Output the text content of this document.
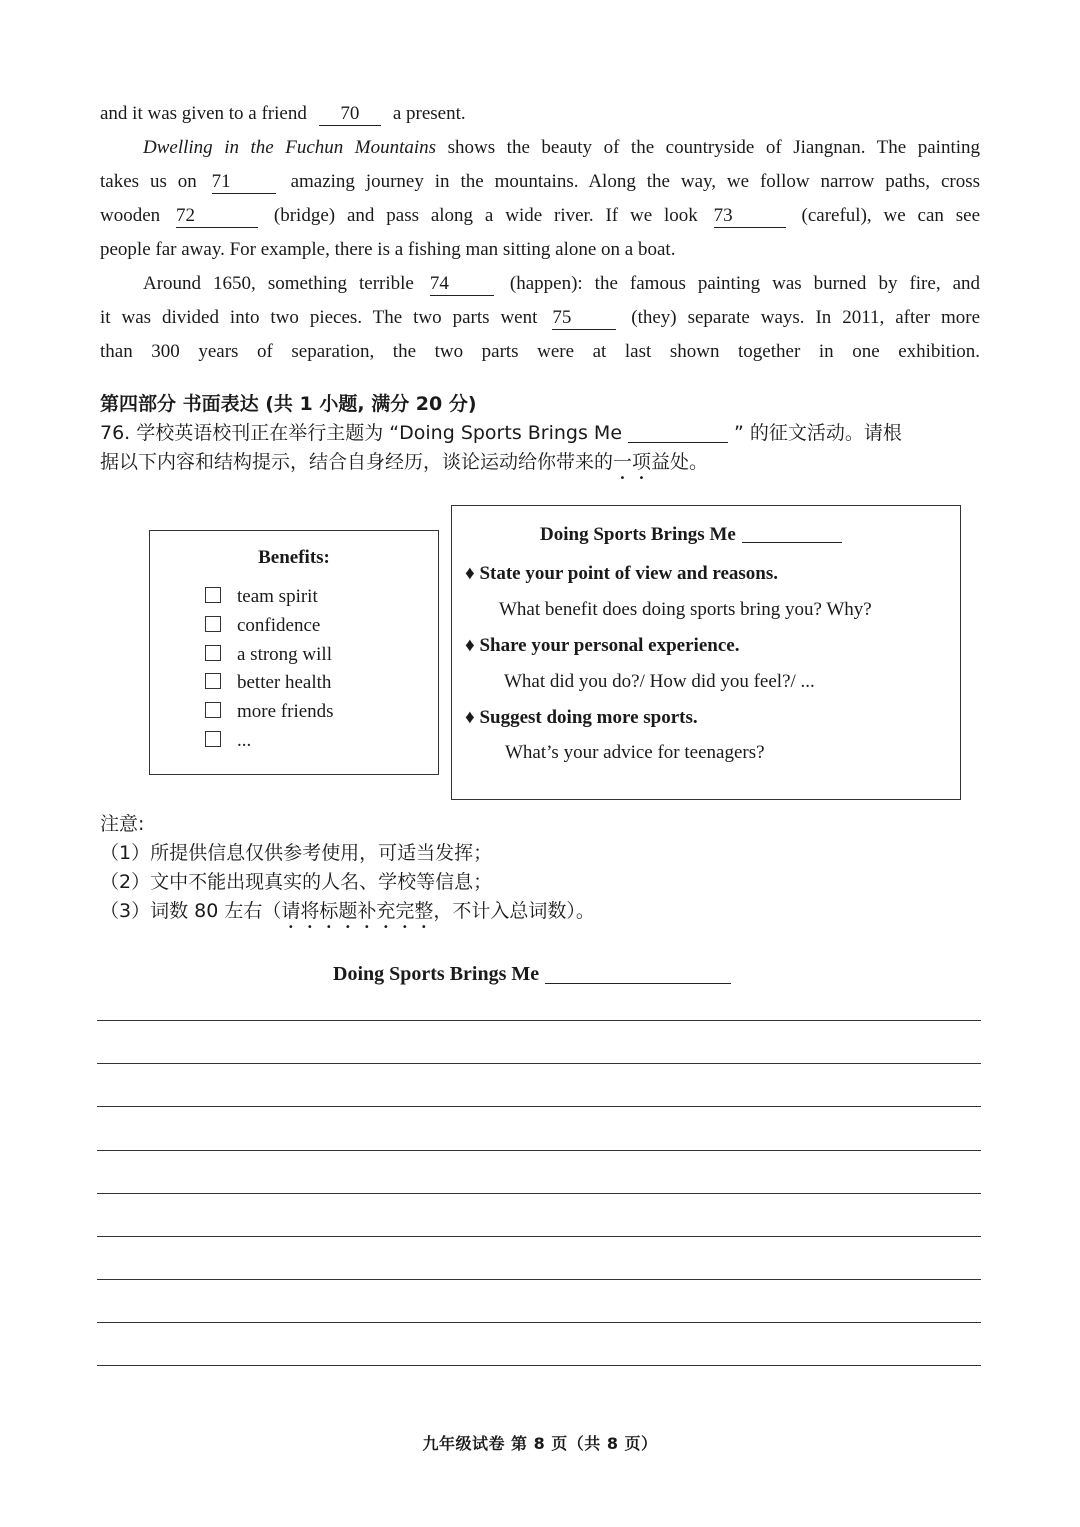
and it was given to a friend 70 a present.
Dwelling in the Fuchun Mountains shows the beauty of the countryside of Jiangnan. The painting
takes us on 71	amazing journey in the mountains. Along the way, we follow narrow paths, cross
wooden 72	(bridge) and pass along a wide river. If we look 73	(careful), we can see
people far away. For example, there is a fishing man sitting alone on a boat.
Around 1650, something terrible 74	(happen): the famous painting was burned by fire, and
it was divided into two pieces. The two parts went 75	(they) separate ways. In 2011, after more
than 300 years of separation, the two parts were at last shown together in one exhibition.
第四部分 书面表达 (共 1 小题, 满分 20 分)
76. 学校英语校刊正在举行主题为 “Doing Sports Brings Me	” 的征文活动。请根
据以下内容和结构提示，结合自身经历，谈论运动给你带来的一项益处。
Benefits:
team spirit
confidence
a strong will
better health
more friends
...
Doing Sports Brings Me
♦ State your point of view and reasons.
What benefit does doing sports bring you? Why?
♦ Share your personal experience.
What did you do?/ How did you feel?/ ...
♦ Suggest doing more sports.
What’s your advice for teenagers?
注意:
（1）所提供信息仅供参考使用，可适当发挥；
（2）文中不能出现真实的人名、学校等信息；
（3）词数 80 左右（请将标题补充完整，不计入总词数）。
Doing Sports Brings Me
九年级试卷 第 8 页（共 8 页）
